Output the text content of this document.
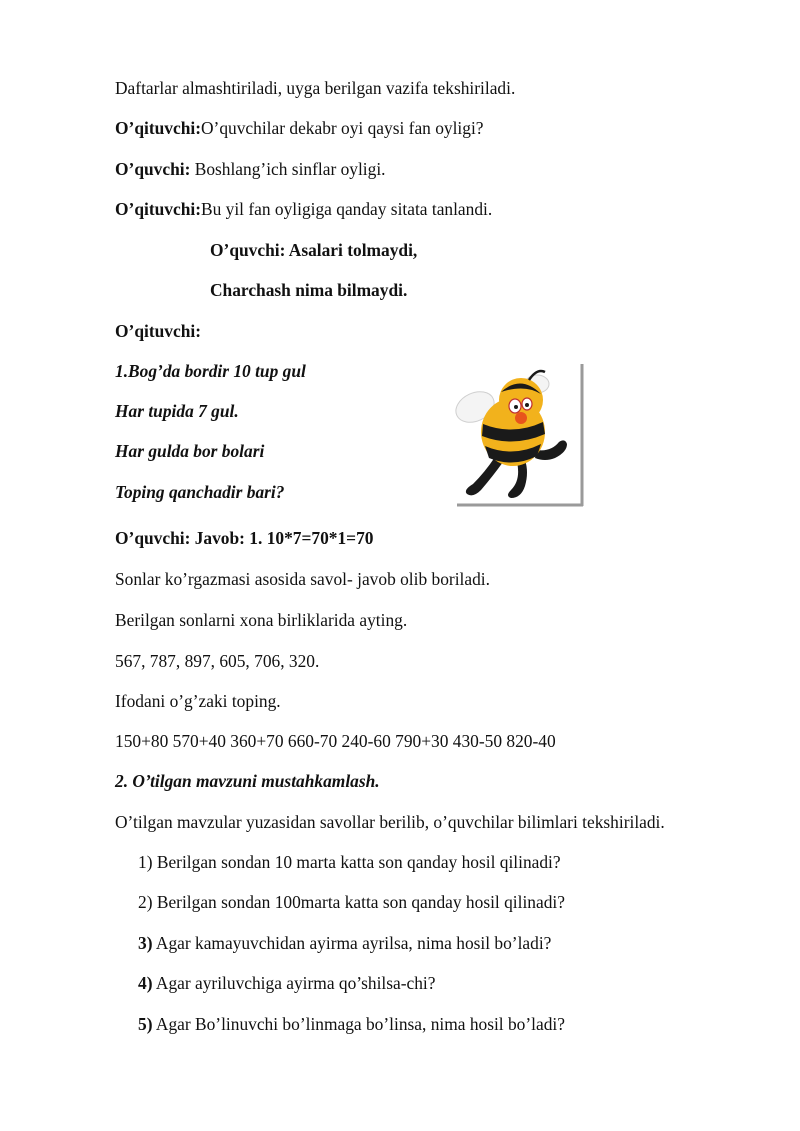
Daftarlar almashtiriladi, uyga berilgan vazifa tekshiriladi.
O’qituvchi:O’quvchilar dekabr oyi qaysi fan oyligi?
O’quvchi: Boshlang’ich sinflar oyligi.
O’qituvchi:Bu yil fan oyligiga qanday sitata tanlandi.
O’quvchi: Asalari tolmaydi,
Charchash nima bilmaydi.
O’qituvchi:
1.Bog’da bordir 10 tup gul
Har tupida 7 gul.
Har gulda bor bolari
Toping qanchadir bari?
O’quvchi: Javob: 1. 10*7=70*1=70
Sonlar ko’rgazmasi asosida savol- javob olib boriladi.
Berilgan sonlarni xona birliklarida ayting.
567, 787, 897, 605, 706, 320.
Ifodani o’g’zaki toping.
150+80 570+40 360+70 660-70 240-60 790+30 430-50 820-40
2. O’tilgan mavzuni mustahkamlash.
O’tilgan mavzular yuzasidan savollar berilib, o’quvchilar bilimlari tekshiriladi.
1) Berilgan sondan 10 marta katta son qanday hosil qilinadi?
2) Berilgan sondan 100marta katta son qanday hosil qilinadi?
3) Agar kamayuvchidan ayirma ayrilsa, nima hosil bo’ladi?
4) Agar ayriluvchiga ayirma qo’shilsa-chi?
5) Agar Bo’linuvchi bo’linmaga bo’linsa, nima hosil bo’ladi?
